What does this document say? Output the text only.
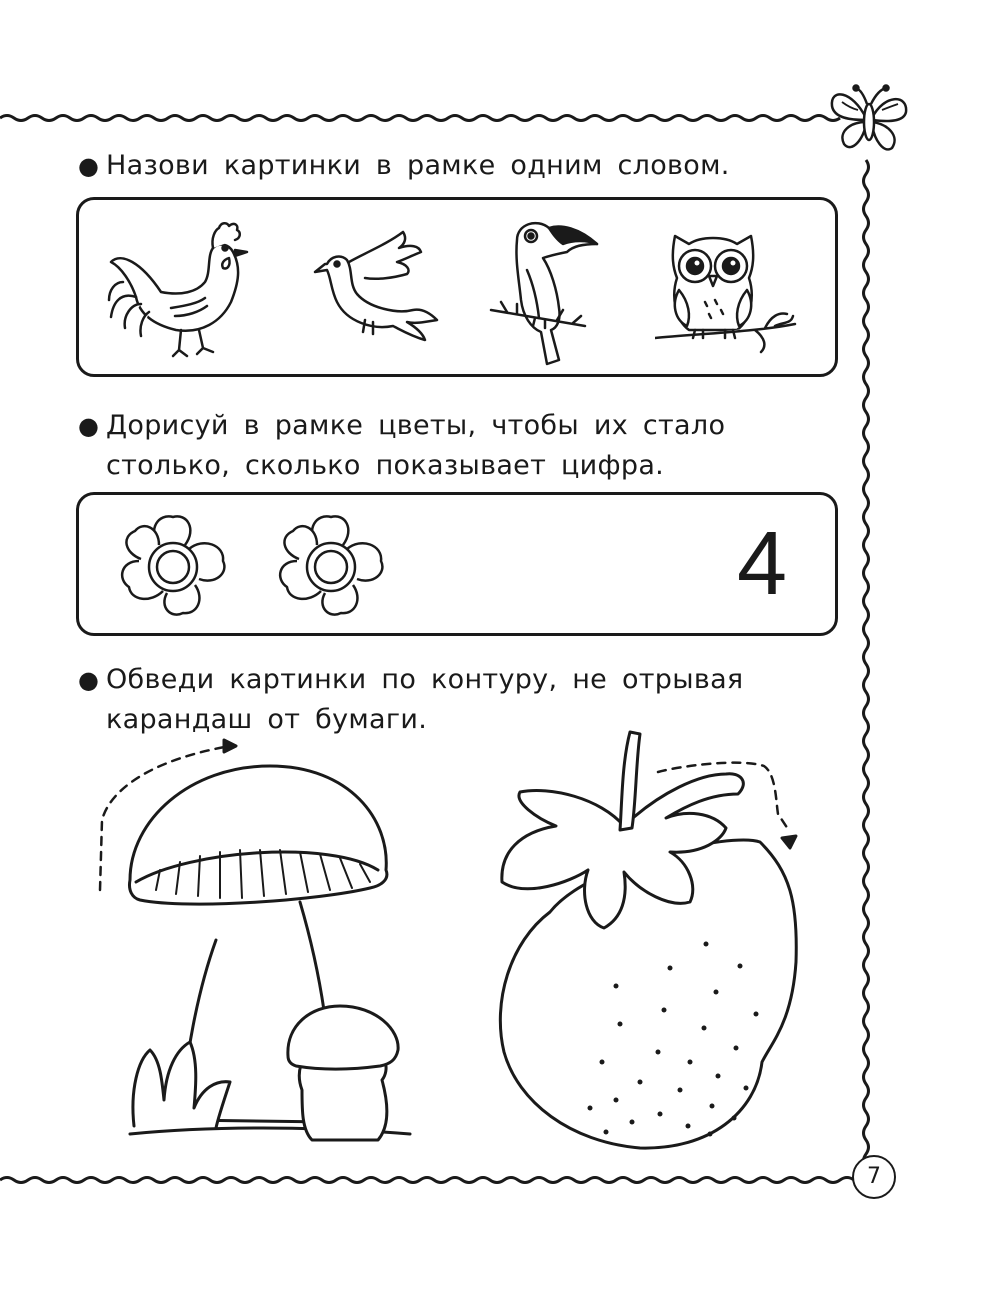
● Назови картинки в рамке одним словом.
● Дорисуй в рамке цветы, чтобы их стало столько, сколько показывает цифра.
4
● Обведи картинки по контуру, не отрывая карандаш от бумаги.
7
